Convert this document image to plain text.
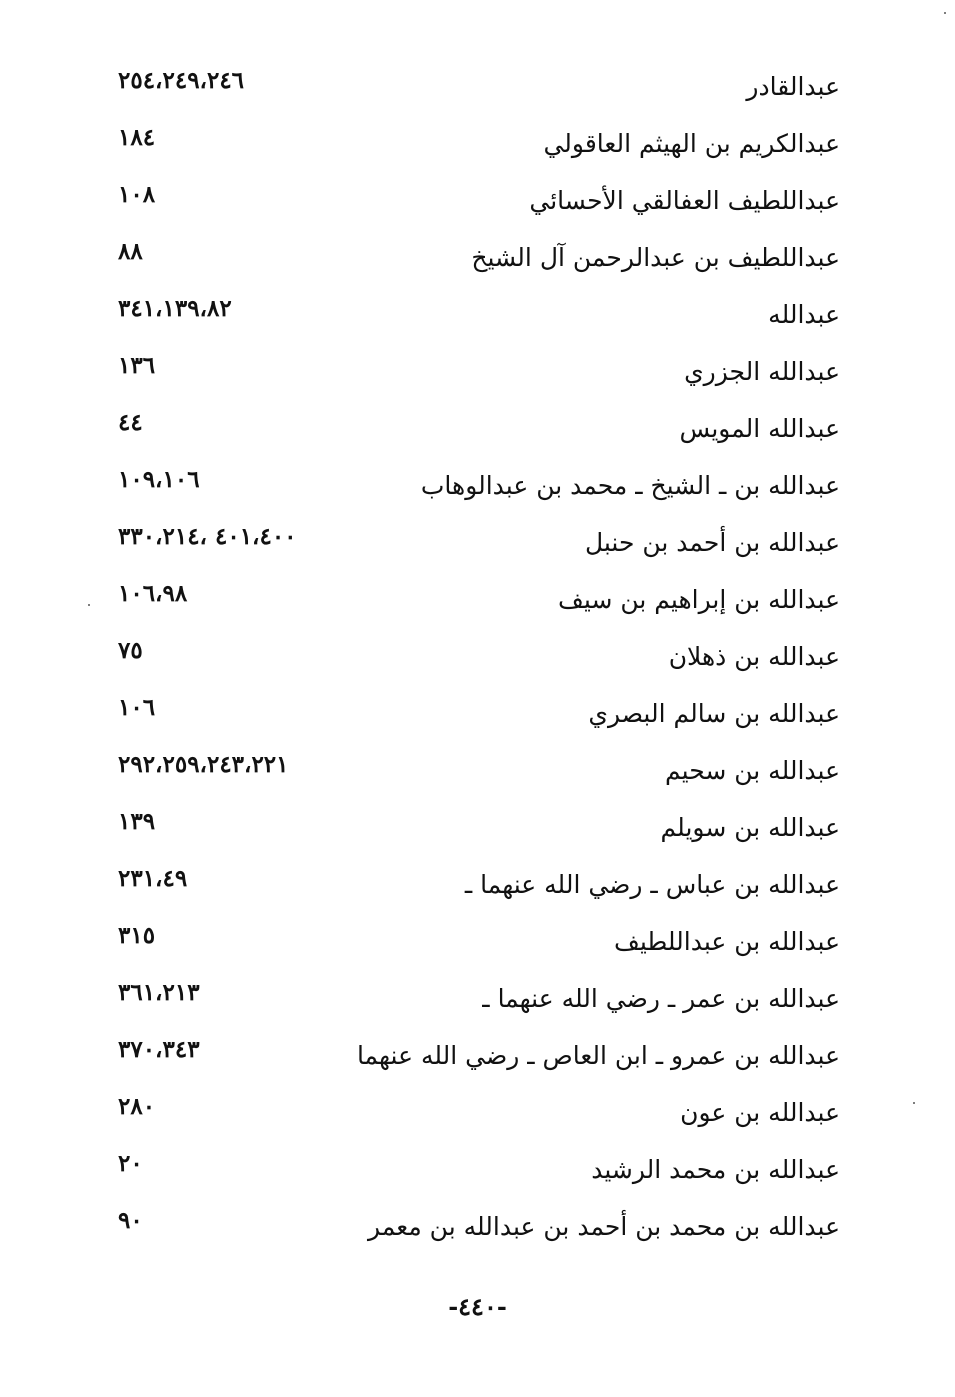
عبدالقادر
٢٥٤،٢٤٩،٢٤٦
عبدالكريم بن الهيثم العاقولي
١٨٤
عبداللطيف العفالقي الأحسائي
١٠٨
عبداللطيف بن عبدالرحمن آل الشيخ
٨٨
عبدالله
٣٤١،١٣٩،٨٢
عبدالله الجزري
١٣٦
عبدالله المويس
٤٤
عبدالله بن ـ الشيخ ـ محمد بن عبدالوهاب
١٠٩،١٠٦
عبدالله بن أحمد بن حنبل
٤٠١،٤٠٠ ،٣٣٠،٢١٤
عبدالله بن إبراهيم بن سيف
١٠٦،٩٨
عبدالله بن ذهلان
٧٥
عبدالله بن سالم البصري
١٠٦
عبدالله بن سحيم
٢٩٢،٢٥٩،٢٤٣،٢٢١
عبدالله بن سويلم
١٣٩
عبدالله بن عباس ـ رضي الله عنهما ـ
٢٣١،٤٩
عبدالله بن عبداللطيف
٣١٥
عبدالله بن عمر ـ رضي الله عنهما ـ
٣٦١،٢١٣
عبدالله بن عمرو ـ ابن العاص ـ رضي الله عنهما
٣٧٠،٣٤٣
عبدالله بن عون
٢٨٠
عبدالله بن محمد الرشيد
٢٠
عبدالله بن محمد بن أحمد بن عبدالله بن معمر
٩٠
-٤٤٠-
